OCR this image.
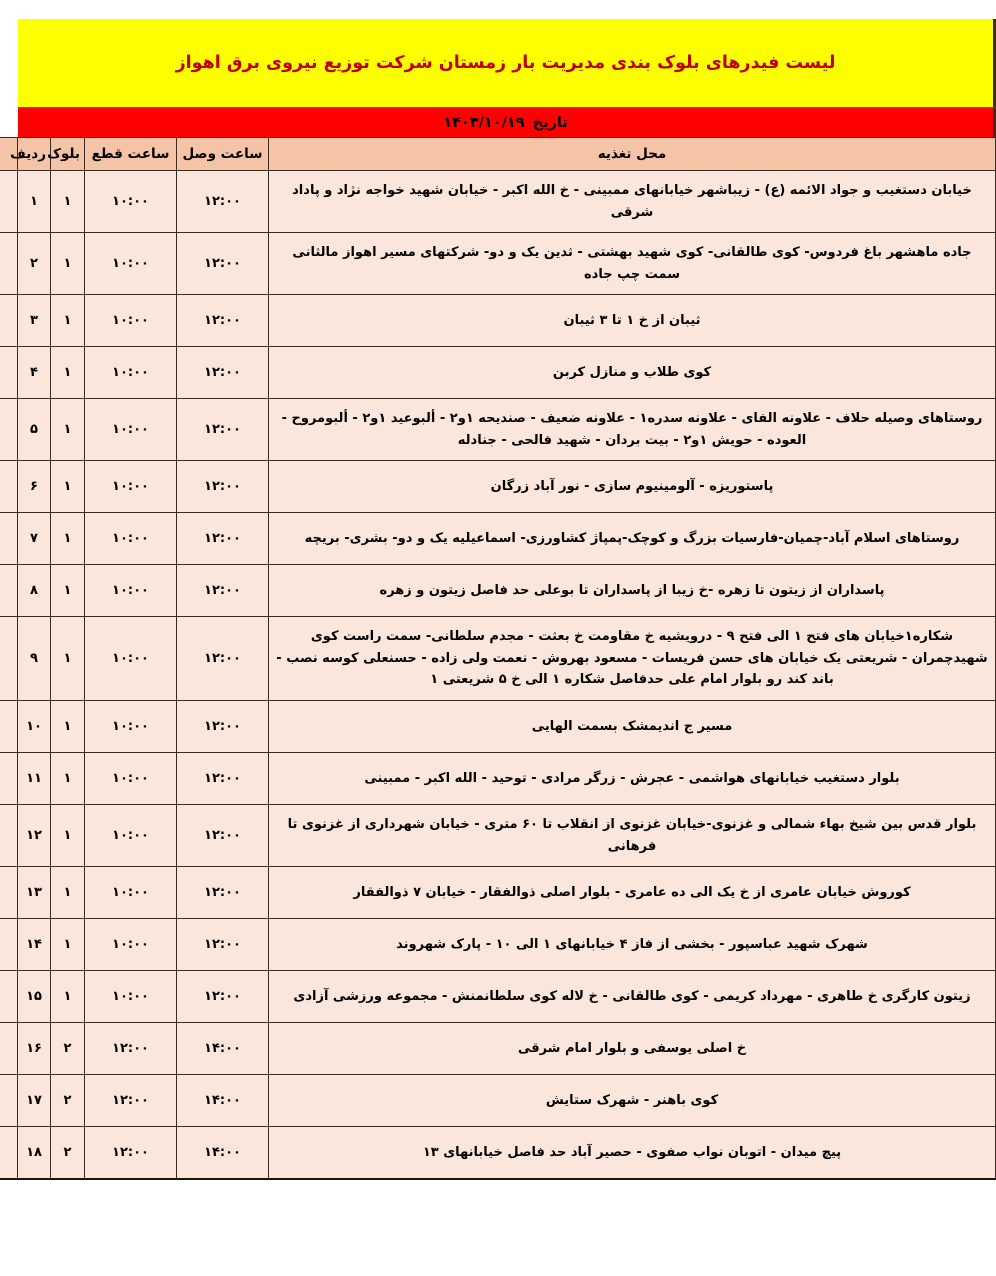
لیست فیدرهای بلوک بندی مدیریت بار زمستان شرکت توزیع نیروی برق اهواز
تاریخ۱۴۰۳/۱۰/۱۹
محل تغذیه	ساعت وصل	ساعت قطع	بلوک	ردیف	
خیابان دستغیب و جواد الائمه (ع) - زیباشهر خیابانهای ممبینی - خ الله اکبر - خیابان شهید خواجه نژاد و پاداد شرقی	۱۲:۰۰	۱۰:۰۰	۱	۱	
جاده ماهشهر باغ فردوس- کوی طالقانی- کوی شهید بهشتی - ثدین یک و دو- شرکتهای مسیر اهواز مالثانی سمت چپ جاده	۱۲:۰۰	۱۰:۰۰	۱	۲	
ثیبان از خ ۱ تا ۳ ثیبان	۱۲:۰۰	۱۰:۰۰	۱	۳	
کوی طلاب و منازل کربن	۱۲:۰۰	۱۰:۰۰	۱	۴	
روستاهای وصیله حلاف - علاونه الفای - علاونه سدره۱ - علاونه ضعیف - صندیحه ۱و۲ - ألبوعید ۱و۲ - ألبومروح - العوده - حویش ۱و۲ - بیت بردان - شهید فالحی - جنادله	۱۲:۰۰	۱۰:۰۰	۱	۵	
پاستوریزه - آلومینیوم سازی - نور آباد زرگان	۱۲:۰۰	۱۰:۰۰	۱	۶	
روستاهای اسلام آباد-چمیان-فارسیات بزرگ و کوچک-پمپاژ کشاورزی- اسماعیلیه یک و دو- بشری- بریچه	۱۲:۰۰	۱۰:۰۰	۱	۷	
پاسداران از زیتون تا زهره -خ زیبا از پاسداران تا بوعلی حد فاصل زیتون و زهره	۱۲:۰۰	۱۰:۰۰	۱	۸	
شکاره۱خیابان های فتح ۱ الی فتح ۹ - درویشیه خ مقاومت خ بعثت - مجدم سلطانی- سمت راست کوی شهیدچمران - شریعتی یک خیابان های حسن فریسات - مسعود بهروش - نعمت ولی زاده - حسنعلی کوسه نصب - باند کند رو بلوار امام علی حدفاصل شکاره ۱ الی خ ۵ شریعتی ۱	۱۲:۰۰	۱۰:۰۰	۱	۹	
مسیر ج اندیمشک بسمت الهایی	۱۲:۰۰	۱۰:۰۰	۱	۱۰	
بلوار دستغیب خیابانهای هواشمی - عجرش - زرگر مرادی - توحید - الله اکبر - ممبینی	۱۲:۰۰	۱۰:۰۰	۱	۱۱	
بلوار قدس بین شیخ بهاء شمالی و غزنوی-خیابان غزنوی از انقلاب تا ۶۰ متری - خیابان شهرداری از غزنوی تا فرهانی	۱۲:۰۰	۱۰:۰۰	۱	۱۲	
کوروش خیابان عامری از خ یک الی ده عامری - بلوار اصلی ذوالفقار - خیابان ۷ ذوالفقار	۱۲:۰۰	۱۰:۰۰	۱	۱۳	
شهرک شهید عباسپور - بخشی از فاز ۴ خیابانهای ۱ الی ۱۰ - پارک شهروند	۱۲:۰۰	۱۰:۰۰	۱	۱۴	
زیتون کارگری خ طاهری - مهرداد کریمی - کوی طالقانی - خ لاله کوی سلطانمنش - مجموعه ورزشی آزادی	۱۲:۰۰	۱۰:۰۰	۱	۱۵	
خ اصلی یوسفی و بلوار امام شرقی	۱۴:۰۰	۱۲:۰۰	۲	۱۶	
کوی باهنر - شهرک ستایش	۱۴:۰۰	۱۲:۰۰	۲	۱۷	
پیچ میدان - اتوبان نواب صفوی - حصیر آباد حد فاصل خیابانهای ۱۳	۱۴:۰۰	۱۲:۰۰	۲	۱۸	
